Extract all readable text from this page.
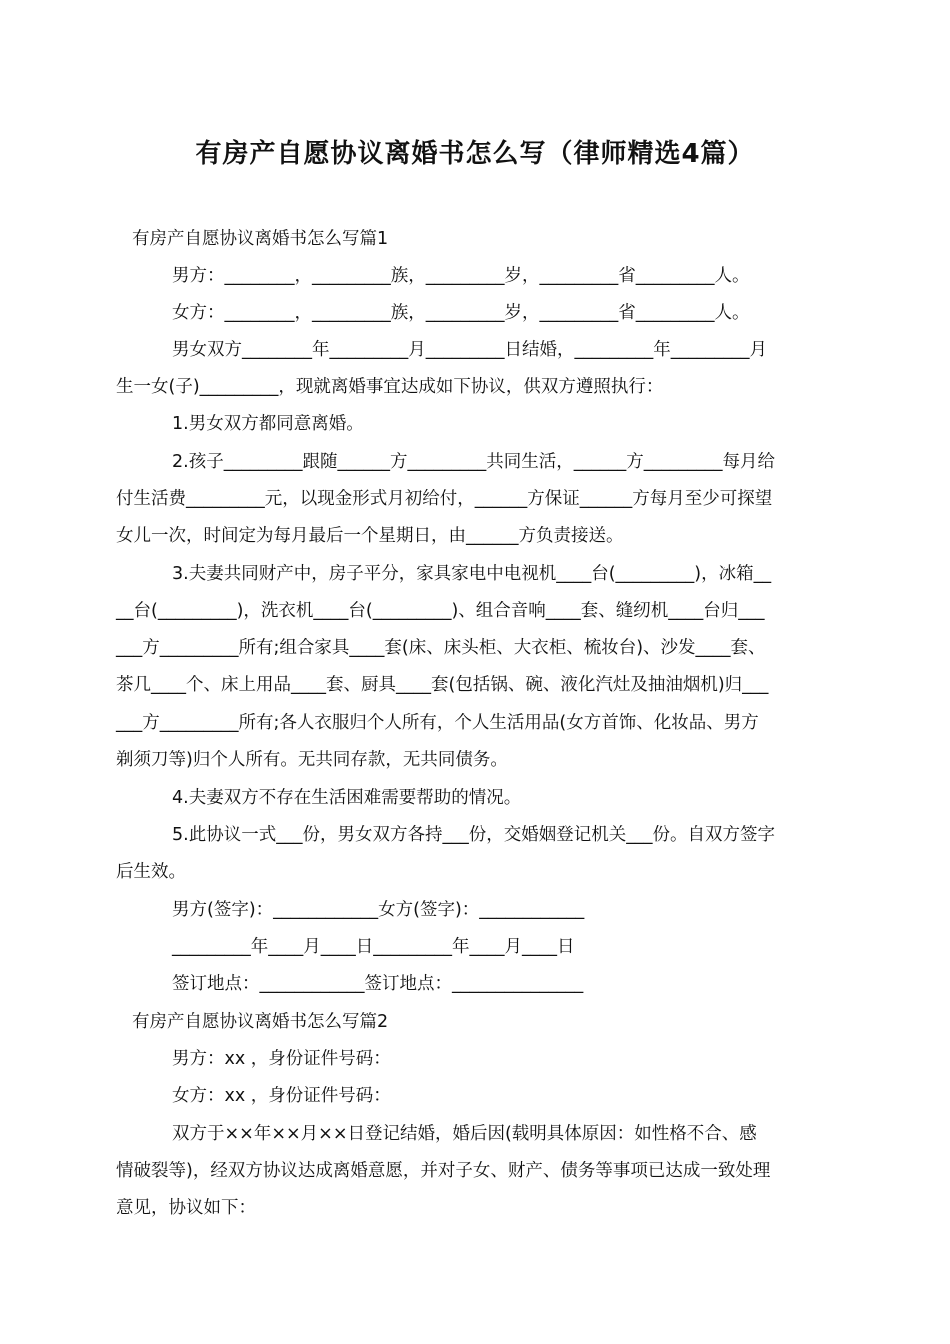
有房产自愿协议离婚书怎么写（律师精选4篇）
有房产自愿协议离婚书怎么写篇1
男方：________，_________族，_________岁，_________省_________人。
女方：________，_________族，_________岁，_________省_________人。
男女双方________年_________月_________日结婚，_________年_________月
生一女(子)_________，现就离婚事宜达成如下协议，供双方遵照执行：
1.男女双方都同意离婚。
2.孩子_________跟随______方_________共同生活，______方_________每月给
付生活费_________元，以现金形式月初给付，______方保证______方每月至少可探望
女儿一次，时间定为每月最后一个星期日，由______方负责接送。
3.夫妻共同财产中，房子平分，家具家电中电视机____台(_________)，冰箱__
__台(_________)，洗衣机____台(_________)、组合音响____套、缝纫机____台归___
___方_________所有;组合家具____套(床、床头柜、大衣柜、梳妆台)、沙发____套、
茶几____个、床上用品____套、厨具____套(包括锅、碗、液化汽灶及抽油烟机)归___
___方_________所有;各人衣服归个人所有，个人生活用品(女方首饰、化妆品、男方
剃须刀等)归个人所有。无共同存款，无共同债务。
4.夫妻双方不存在生活困难需要帮助的情况。
5.此协议一式___份，男女双方各持___份，交婚姻登记机关___份。自双方签字
后生效。
男方(签字)：____________女方(签字)：____________
_________年____月____日_________年____月____日
签订地点：____________签订地点：_______________
有房产自愿协议离婚书怎么写篇2
男方：xx ，身份证件号码：
女方：xx ，身份证件号码：
双方于××年××月××日登记结婚，婚后因(载明具体原因：如性格不合、感
情破裂等)，经双方协议达成离婚意愿，并对子女、财产、债务等事项已达成一致处理
意见，协议如下：
